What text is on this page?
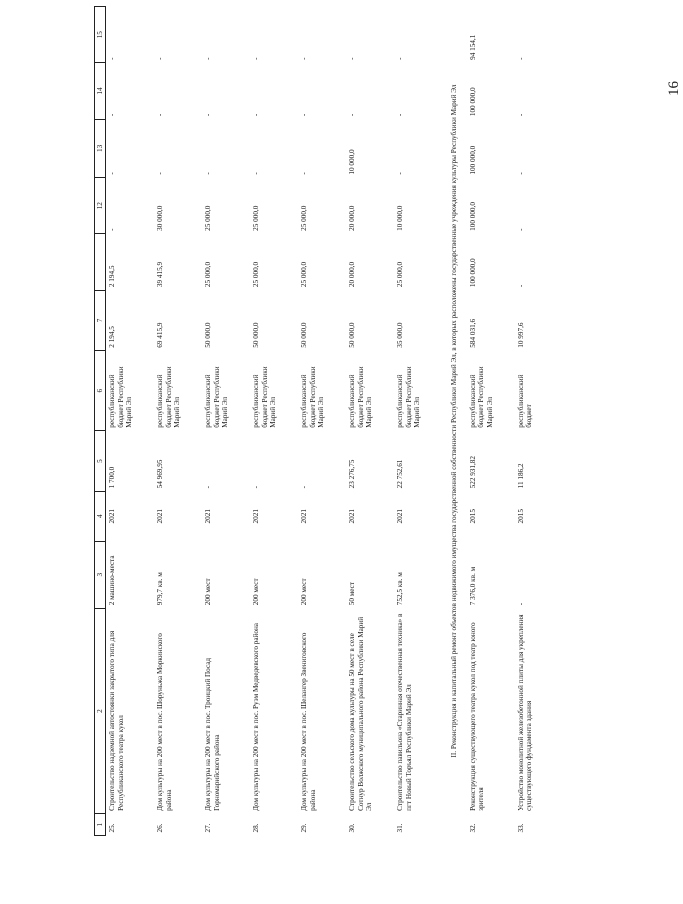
16
1	2	3	4	5	6	7		12	13	14	15
25.	Строительство надземной автостоянки закрытого типа для Республиканского театра кукол	2 машино-места	2021	1 700,0	республиканский бюджет Республики Марий Эл	2 194,5	2 194,5	-	-	-	-
26.	Дом культуры на 200 мест в пос. Шоруньжа Моркинского района	979,7 кв. м	2021	54 969,95	республиканский бюджет Республики Марий Эл	69 415,9	39 415,9	30 000,0	-	-	-
27.	Дом культуры на 200 мест в пос. Троицкий Посад Горномарийского района	200 мест	2021	-	республиканский бюджет Республики Марий Эл	50 000,0	25 000,0	25 000,0	-	-	-
28.	Дом культуры на 200 мест в пос. Руэм Медведевского района	200 мест	2021	-	республиканский бюджет Республики Марий Эл	50 000,0	25 000,0	25 000,0	-	-	-
29.	Дом культуры на 200 мест в пос. Шелангер Звениговского района	200 мест	2021	-	республиканский бюджет Республики Марий Эл	50 000,0	25 000,0	25 000,0	-	-	-
30.	Строительство сельского дома культуры на 50 мест в селе Сотнур Волжского муниципального района Республики Марий Эл	50 мест	2021	23 276,75	республиканский бюджет Республики Марий Эл	50 000,0	20 000,0	20 000,0	10 000,0	-	-
31.	Строительство павильона «Старинная отечественная техника» в пгт Новый Торъял Республики Марий Эл	752,5 кв. м	2021	22 752,61	республиканский бюджет Республики Марий Эл	35 000,0	25 000,0	10 000,0	-	-	-
II. Реконструкция и капитальный ремонт объектов недвижимого имущества государственной собственности Республики Марий Эл, в которых расположены государственные учреждения культуры Республики Марий Эл											
32.	Реконструкция существующего театра кукол под театр юного зрителя	7 376,0 кв. м	2015	522 931,82	республиканский бюджет Республики Марий Эл	584 031,6	100 000,0	100 000,0	100 000,0	100 000,0	94 154,1
33.	Устройство монолитной железобетонной плиты для укрепления существующего фундамента здания	-	2015	11 186,2	республиканский бюджет	10 997,6	-	-	-	-	-
